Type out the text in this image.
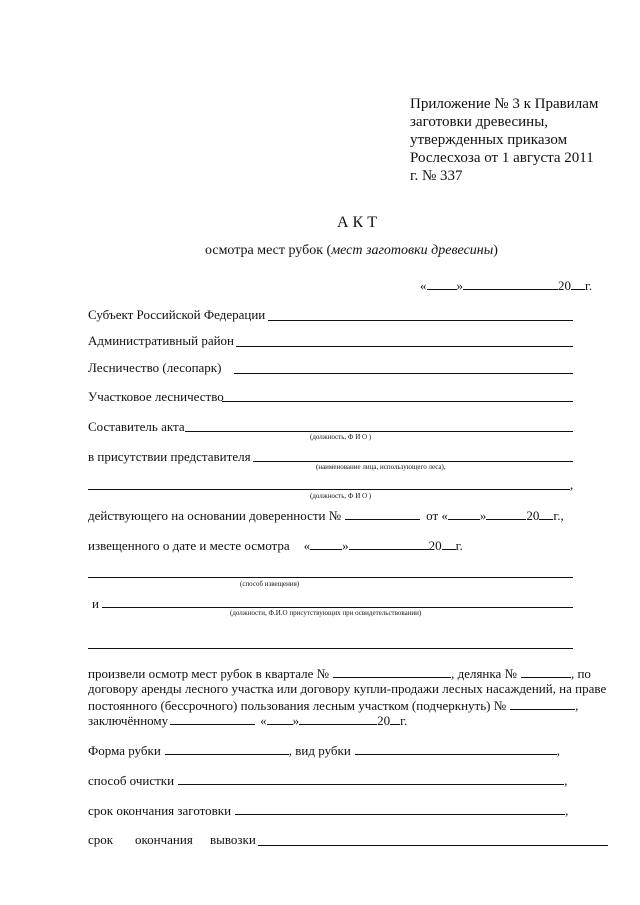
Приложение № 3 к Правилам
заготовки древесины,
утвержденных приказом
Рослесхоза от 1 августа 2011
г. № 337
АКТ
осмотра мест рубок (мест заготовки древесины)
« »	20 г.
Субъект Российской Федерации
Административный район
Лесничество (лесопарк)
Участковое лесничество
Составитель акта
(должность, Ф И О )
в присутствии представителя
(наименование лица, использующего леса),
,
(должность, Ф И О )
действующего на основании доверенности №	от « »	20 г.,
извещенного о дате и месте осмотра « »	20 г.
(способ извещения)
и
(должности, Ф.И.О присутствующих при освидетельствовании)
произвели осмотр мест рубок в квартале №	, делянка №	, по
договору аренды лесного участка или договору купли-продажи лесных насаждений, на праве
постоянного (бессрочного) пользования лесным участком (подчеркнуть) №	,
заключённому	« »	20 г.
Форма рубки	, вид рубки	,
способ очистки	,
срок окончания заготовки	,
срок окончания вывозки
